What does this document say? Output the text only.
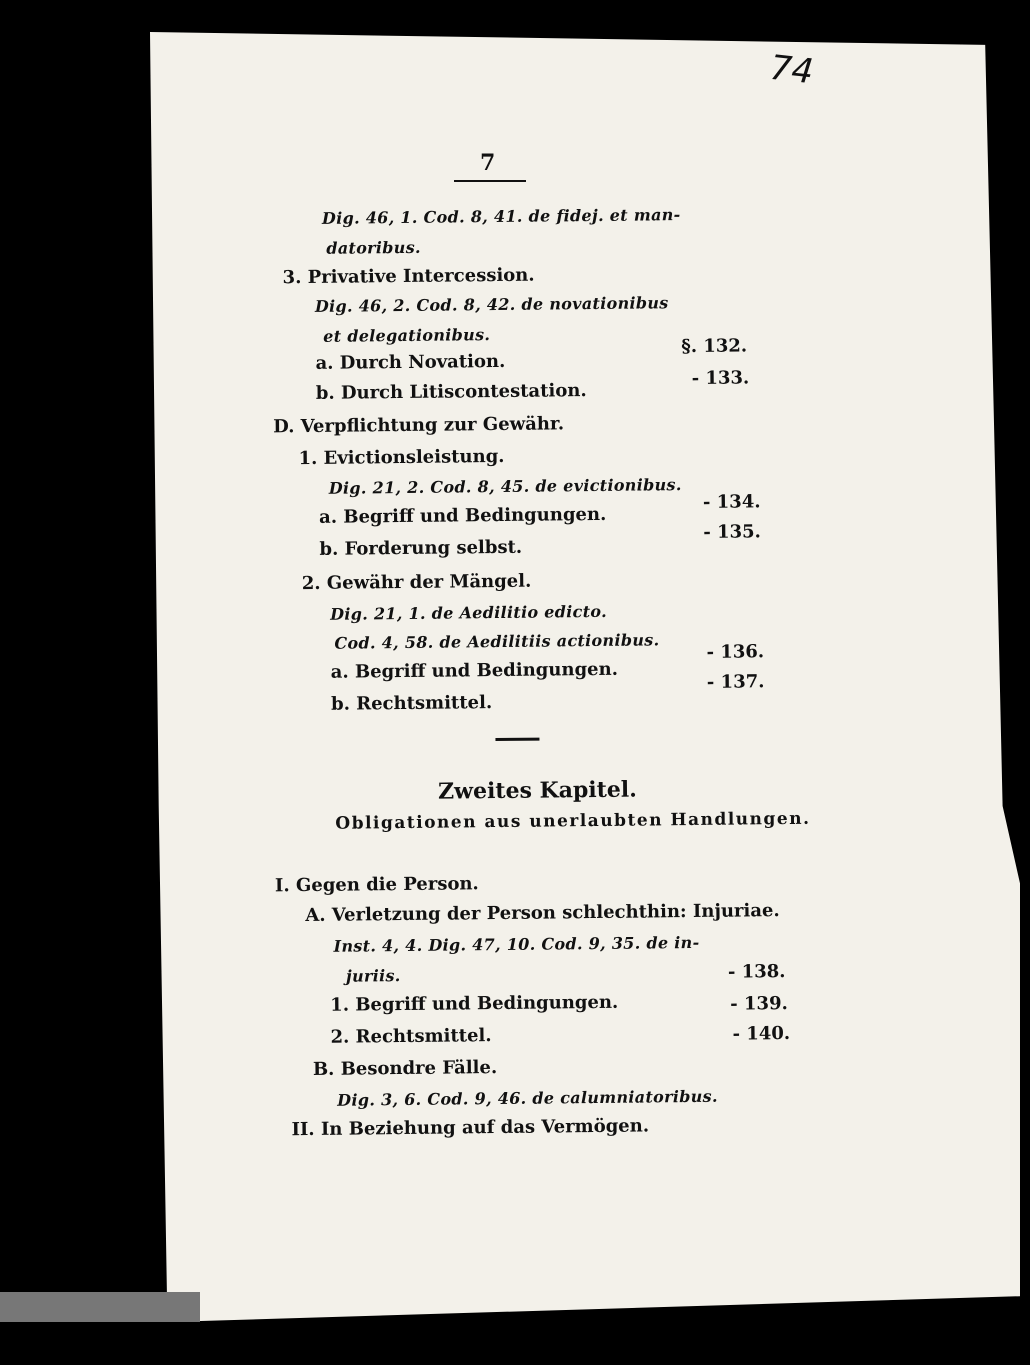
74
7
Dig. 46, 1. Cod. 8, 41. de fidej. et man-
datoribus.
3. Privative Intercession.
Dig. 46, 2. Cod. 8, 42. de novationibus
et delegationibus.
a. Durch Novation.
§. 132.
b. Durch Litiscontestation.
- 133.
D. Verpflichtung zur Gewähr.
1. Evictionsleistung.
Dig. 21, 2. Cod. 8, 45. de evictionibus.
a. Begriff und Bedingungen.
- 134.
b. Forderung selbst.
- 135.
2. Gewähr der Mängel.
Dig. 21, 1. de Aedilitio edicto.
Cod. 4, 58. de Aedilitiis actionibus.
a. Begriff und Bedingungen.
- 136.
b. Rechtsmittel.
- 137.
Zweites Kapitel.
Obligationen aus unerlaubten Handlungen.
I. Gegen die Person.
A. Verletzung der Person schlechthin: Injuriae.
Inst. 4, 4. Dig. 47, 10. Cod. 9, 35. de in-
juriis.
1. Begriff und Bedingungen.
- 138.
2. Rechtsmittel.
- 139.
B. Besondre Fälle.
- 140.
Dig. 3, 6. Cod. 9, 46. de calumniatoribus.
II. In Beziehung auf das Vermögen.
